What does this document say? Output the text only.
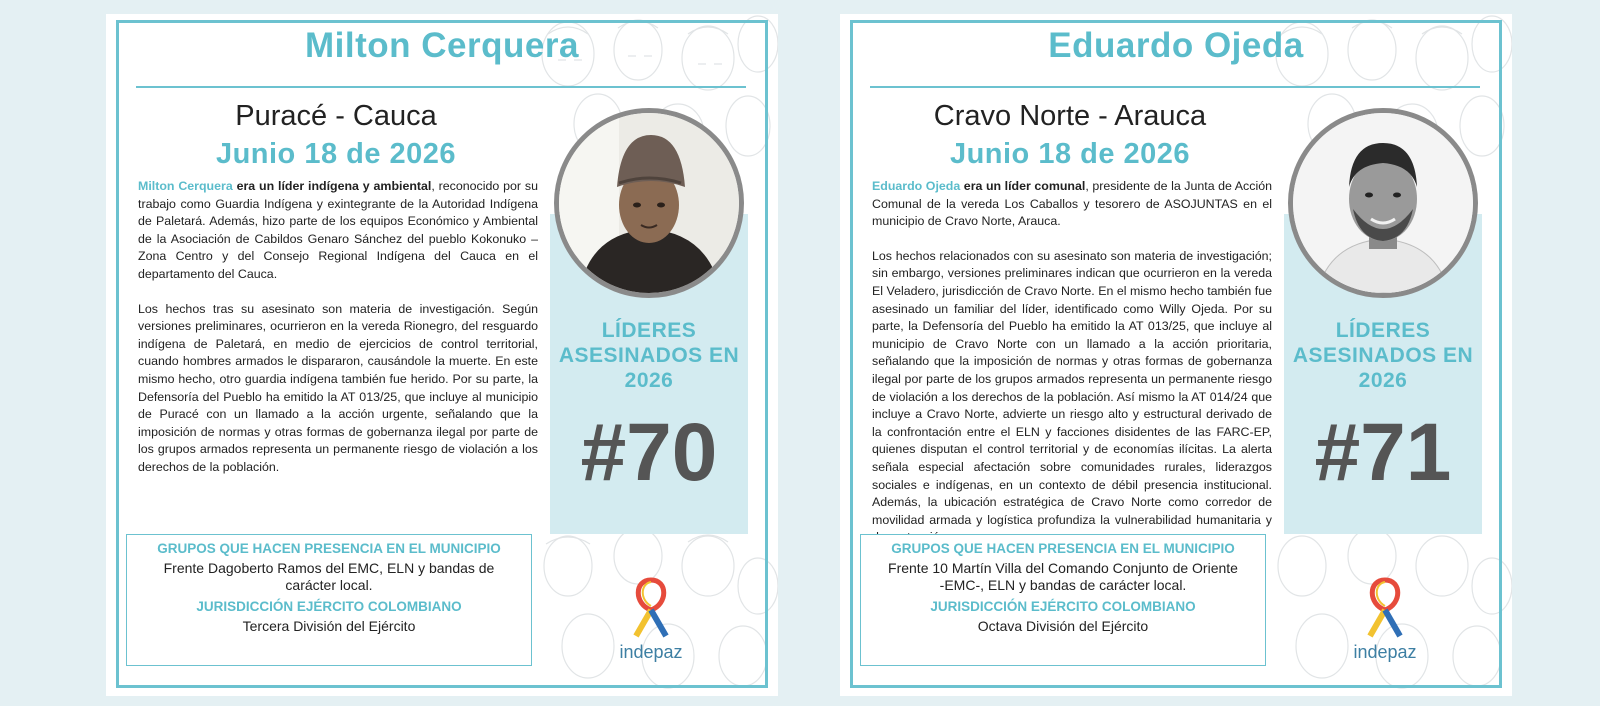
Milton Cerquera
Puracé - Cauca
Junio 18 de 2026

Milton Cerquera era un líder indígena y ambiental, reconocido por su trabajo como Guardia Indígena y exintegrante de la Autoridad Indígena de Paletará. Además, hizo parte de los equipos Económico y Ambiental de la Asociación de Cabildos Genaro Sánchez del pueblo Kokonuko – Zona Centro y del Consejo Regional Indígena del Cauca en el departamento del Cauca.

Los hechos tras su asesinato son materia de investigación. Según versiones preliminares, ocurrieron en la vereda Rionegro, del resguardo indígena de Paletará, en medio de ejercicios de control territorial, cuando hombres armados le dispararon, causándole la muerte. En este mismo hecho, otro guardia indígena también fue herido. Por su parte, la Defensoría del Pueblo ha emitido la AT 013/25, que incluye al municipio de Puracé con un llamado a la acción urgente, señalando que la imposición de normas y otras formas de gobernanza ilegal por parte de los grupos armados representa un permanente riesgo de violación a los derechos de la población.

LÍDERES ASESINADOS EN 2026
#70
GRUPOS QUE HACEN PRESENCIA EN EL MUNICIPIO
Frente Dagoberto Ramos del EMC, ELN y bandas de carácter local.
JURISDICCIÓN EJÉRCITO COLOMBIANO
Tercera División del Ejército
indepaz
Eduardo Ojeda
Cravo Norte - Arauca
Junio 18 de 2026

Eduardo Ojeda era un líder comunal, presidente de la Junta de Acción Comunal de la vereda Los Caballos y tesorero de ASOJUNTAS en el municipio de Cravo Norte, Arauca.

Los hechos relacionados con su asesinato son materia de investigación; sin embargo, versiones preliminares indican que ocurrieron en la vereda El Veladero, jurisdicción de Cravo Norte. En el mismo hecho también fue asesinado un familiar del líder, identificado como Willy Ojeda. Por su parte, la Defensoría del Pueblo ha emitido la AT 013/25, que incluye al municipio de Cravo Norte con un llamado a la acción prioritaria, señalando que la imposición de normas y otras formas de gobernanza ilegal por parte de los grupos armados representa un permanente riesgo de violación a los derechos de la población. Así mismo la AT 014/24 que incluye a Cravo Norte, advierte un riesgo alto y estructural derivado de la confrontación entre el ELN y facciones disidentes de las FARC-EP, quienes disputan el control territorial y de economías ilícitas. La alerta señala especial afectación sobre comunidades rurales, liderazgos sociales e indígenas, en un contexto de débil presencia institucional. Además, la ubicación estratégica de Cravo Norte como corredor de movilidad armada y logística profundiza la vulnerabilidad humanitaria y

LÍDERES ASESINADOS EN 2026
#71
GRUPOS QUE HACEN PRESENCIA EN EL MUNICIPIO
Frente 10 Martín Villa del Comando Conjunto de Oriente -EMC-, ELN y bandas de carácter local.
JURISDICCIÓN EJÉRCITO COLOMBIANO
Octava División del Ejército
indepaz
